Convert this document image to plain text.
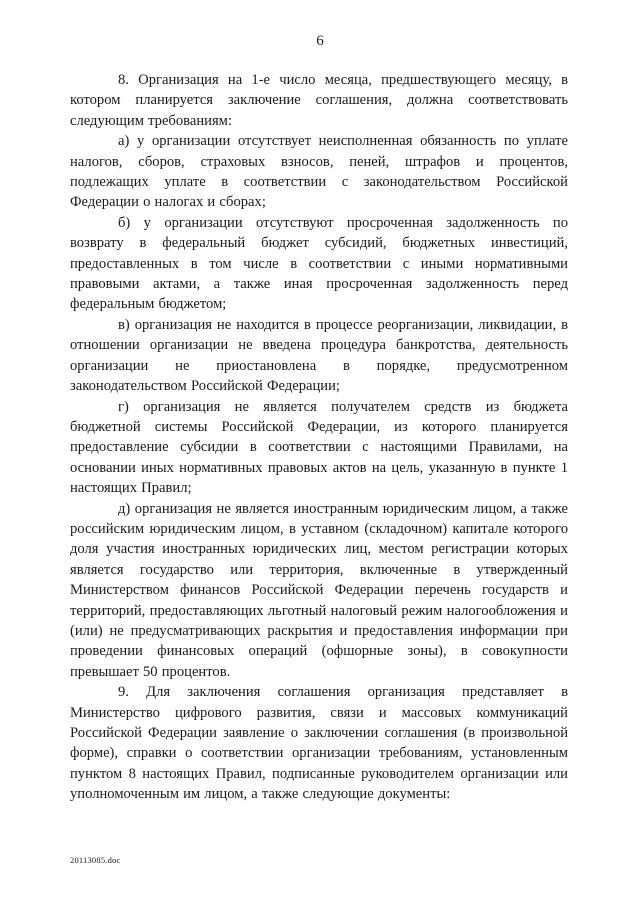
6

8. Организация на 1-е число месяца, предшествующего месяцу, в котором планируется заключение соглашения, должна соответствовать следующим требованиям:

а) у организации отсутствует неисполненная обязанность по уплате налогов, сборов, страховых взносов, пеней, штрафов и процентов, подлежащих уплате в соответствии с законодательством Российской Федерации о налогах и сборах;

б) у организации отсутствуют просроченная задолженность по возврату в федеральный бюджет субсидий, бюджетных инвестиций, предоставленных в том числе в соответствии с иными нормативными правовыми актами, а также иная просроченная задолженность перед федеральным бюджетом;

в) организация не находится в процессе реорганизации, ликвидации, в отношении организации не введена процедура банкротства, деятельность организации не приостановлена в порядке, предусмотренном законодательством Российской Федерации;

г) организация не является получателем средств из бюджета бюджетной системы Российской Федерации, из которого планируется предоставление субсидии в соответствии с настоящими Правилами, на основании иных нормативных правовых актов на цель, указанную в пункте 1 настоящих Правил;

д) организация не является иностранным юридическим лицом, а также российским юридическим лицом, в уставном (складочном) капитале которого доля участия иностранных юридических лиц, местом регистрации которых является государство или территория, включенные в утвержденный Министерством финансов Российской Федерации перечень государств и территорий, предоставляющих льготный налоговый режим налогообложения и (или) не предусматривающих раскрытия и предоставления информации при проведении финансовых операций (офшорные зоны), в совокупности превышает 50 процентов.

9. Для заключения соглашения организация представляет в Министерство цифрового развития, связи и массовых коммуникаций Российской Федерации заявление о заключении соглашения (в произвольной форме), справки о соответствии организации требованиям, установленным пунктом 8 настоящих Правил, подписанные руководителем организации или уполномоченным им лицом, а также следующие документы:

20113085.doc
